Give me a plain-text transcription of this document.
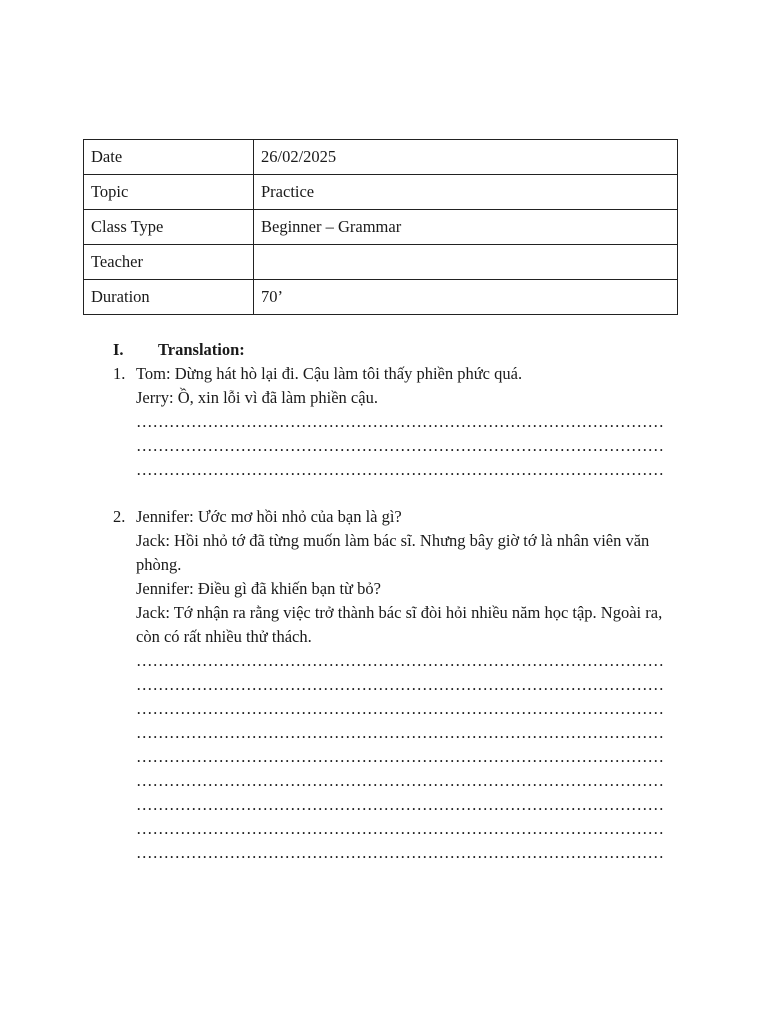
Date	26/02/2025
Topic	Practice
Class Type	Beginner – Grammar
Teacher	
Duration	70’
I. Translation:
1. Tom: Dừng hát hò lại đi. Cậu làm tôi thấy phiền phức quá.
Jerry: Ồ, xin lỗi vì đã làm phiền cậu.
……………………………………………………………………………………
……………………………………………………………………………………
……………………………………………………………………………………
2. Jennifer: Ước mơ hồi nhỏ của bạn là gì?
Jack: Hồi nhỏ tớ đã từng muốn làm bác sĩ. Nhưng bây giờ tớ là nhân viên văn phòng.
Jennifer: Điều gì đã khiến bạn từ bỏ?
Jack: Tớ nhận ra rằng việc trở thành bác sĩ đòi hỏi nhiều năm học tập. Ngoài ra, còn có rất nhiều thử thách.
……………………………………………………………………………………
……………………………………………………………………………………
……………………………………………………………………………………
……………………………………………………………………………………
……………………………………………………………………………………
……………………………………………………………………………………
……………………………………………………………………………………
……………………………………………………………………………………
……………………………………………………………………………………
